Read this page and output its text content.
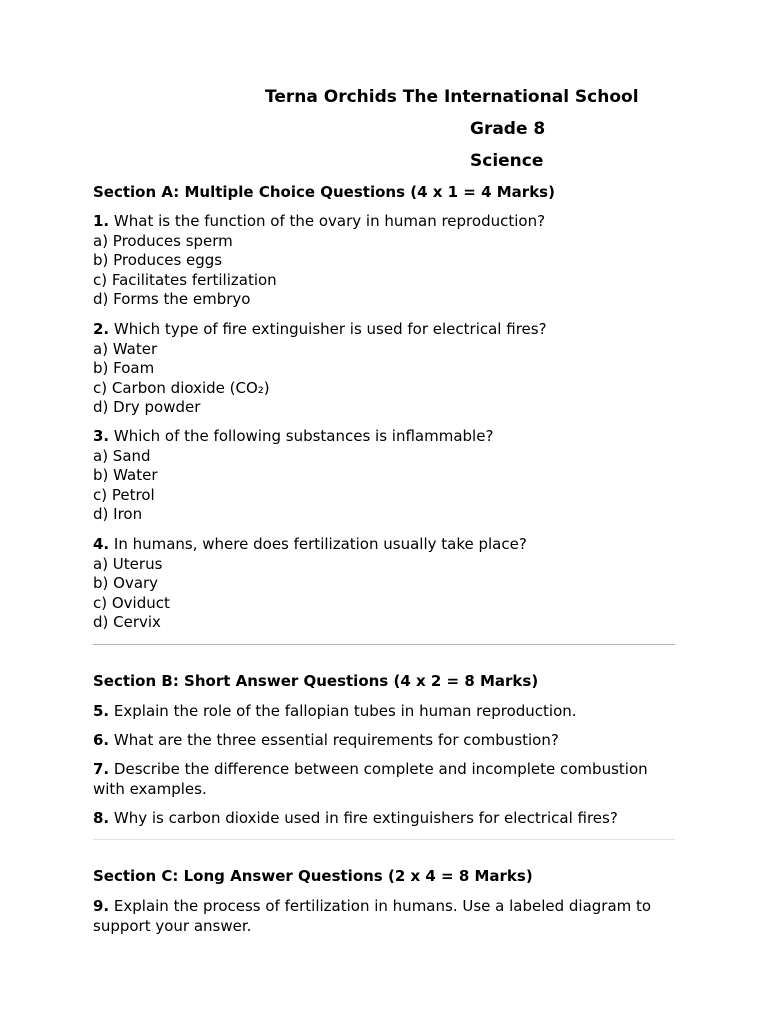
Terna Orchids The International School
Grade 8
Science
Section A: Multiple Choice Questions (4 x 1 = 4 Marks)
1. What is the function of the ovary in human reproduction?
a) Produces sperm
b) Produces eggs
c) Facilitates fertilization
d) Forms the embryo
2. Which type of fire extinguisher is used for electrical fires?
a) Water
b) Foam
c) Carbon dioxide (CO₂)
d) Dry powder
3. Which of the following substances is inflammable?
a) Sand
b) Water
c) Petrol
d) Iron
4. In humans, where does fertilization usually take place?
a) Uterus
b) Ovary
c) Oviduct
d) Cervix
Section B: Short Answer Questions (4 x 2 = 8 Marks)
5. Explain the role of the fallopian tubes in human reproduction.
6. What are the three essential requirements for combustion?
7. Describe the difference between complete and incomplete combustion with examples.
8. Why is carbon dioxide used in fire extinguishers for electrical fires?
Section C: Long Answer Questions (2 x 4 = 8 Marks)
9. Explain the process of fertilization in humans. Use a labeled diagram to support your answer.
